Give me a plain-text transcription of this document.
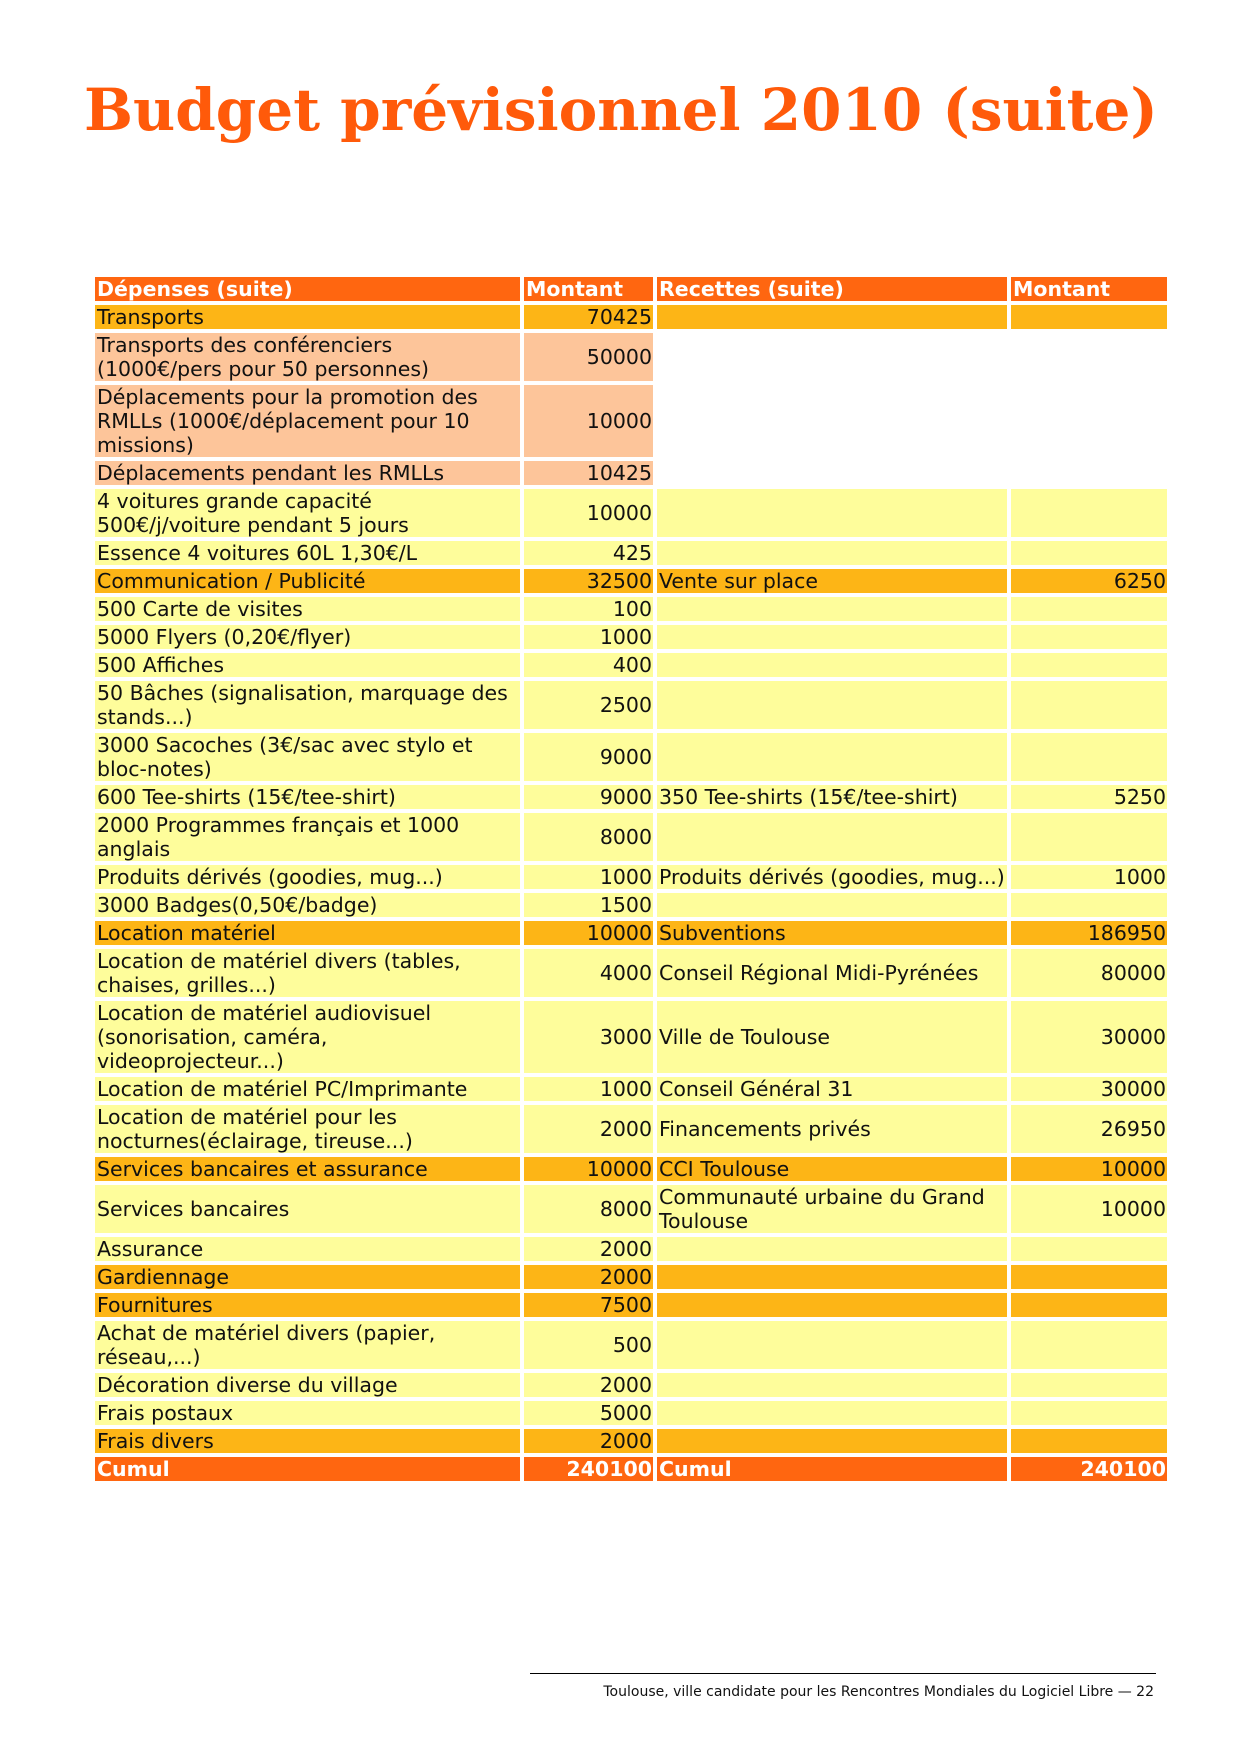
Budget prévisionnel 2010 (suite)
Dépenses (suite)	Montant	Recettes (suite)	Montant
Transports	70425		
Transports des conférenciers (1000€/pers pour 50 personnes)	50000		
Déplacements pour la promotion des RMLLs (1000€/déplacement pour 10 missions)	10000		
Déplacements pendant les RMLLs	10425		
4 voitures grande capacité 500€/j/voiture pendant 5 jours	10000		
Essence 4 voitures 60L 1,30€/L	425		
Communication / Publicité	32500	Vente sur place	6250
500 Carte de visites	100		
5000 Flyers (0,20€/flyer)	1000		
500 Affiches	400		
50 Bâches (signalisation, marquage des stands...)	2500		
3000 Sacoches (3€/sac avec stylo et bloc-notes)	9000		
600 Tee-shirts (15€/tee-shirt)	9000	350 Tee-shirts (15€/tee-shirt)	5250
2000 Programmes français et 1000 anglais	8000		
Produits dérivés (goodies, mug...)	1000	Produits dérivés (goodies, mug...)	1000
3000 Badges(0,50€/badge)	1500		
Location matériel	10000	Subventions	186950
Location de matériel divers (tables, chaises, grilles...)	4000	Conseil Régional Midi-Pyrénées	80000
Location de matériel audiovisuel (sonorisation, caméra, videoprojecteur...)	3000	Ville de Toulouse	30000
Location de matériel PC/Imprimante	1000	Conseil Général 31	30000
Location de matériel pour les nocturnes(éclairage, tireuse...)	2000	Financements privés	26950
Services bancaires et assurance	10000	CCI Toulouse	10000
Services bancaires	8000	Communauté urbaine du Grand Toulouse	10000
Assurance	2000		
Gardiennage	2000		
Fournitures	7500		
Achat de matériel divers (papier, réseau,...)	500		
Décoration diverse du village	2000		
Frais postaux	5000		
Frais divers	2000		
Cumul	240100	Cumul	240100
Toulouse, ville candidate pour les Rencontres Mondiales du Logiciel Libre — 22
